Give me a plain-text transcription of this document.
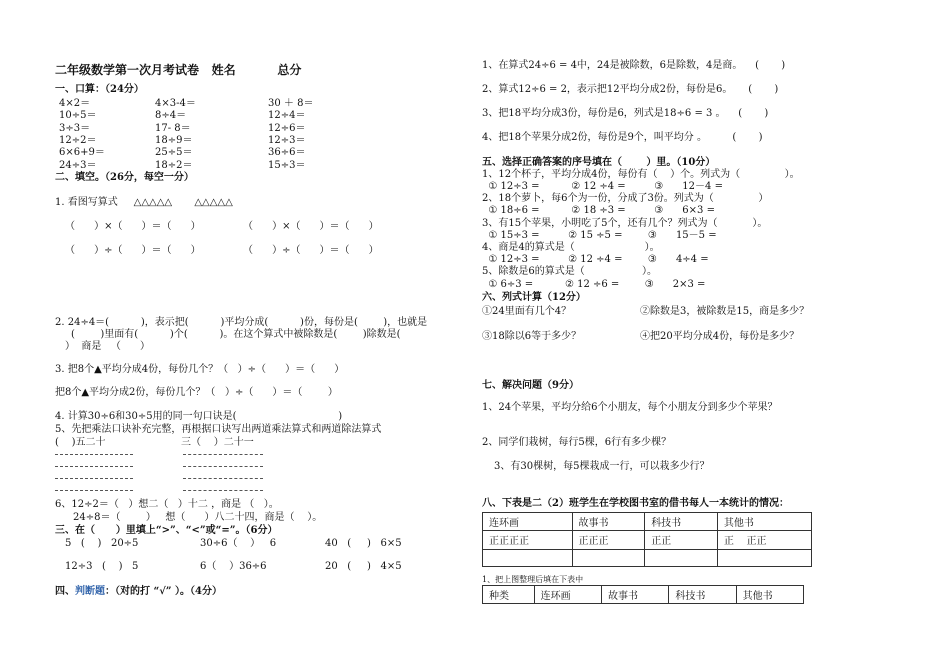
二年级数学第一次月考试卷 姓名	总分
一、口算：（24分）
4×2＝	4×3-4＝	30 ＋ 8＝
10÷5＝	8÷4＝	12÷4＝
3÷3＝	17- 8＝	12÷6＝
12÷2＝	18÷9＝	12÷3＝
6×6+9＝	25÷5＝	36÷6＝
24÷3＝	18÷2＝	15÷3＝
二、填空。（26分，每空一分）
1. 看图写算式 △△△△△ △△△△△
（      ）×（      ）＝（      ）	（      ）×（      ）＝（      ）
（      ）÷（      ）＝（      ）	（      ）÷（      ）＝（      ）
2. 24÷4＝(          )，表示把(          )平均分成(          )份，每份是(        )，也就是
(        )里面有(          )个(          )。在这个算式中被除数是(        )除数是(
）  商是   （      ）
3. 把8个▲平均分成4份，每份几个？（   ）÷（      ）＝（      ）
把8个▲平均分成2份，每份几个？（   ）÷（      ）＝（        ）
4. 计算30÷6和30÷5用的同一句口诀是(                                )
5、先把乘法口诀补充完整，再根据口诀写出两道乘法算式和两道除法算式
(    )五二十	三（    ）二十一
6、12÷2＝（   ）想二（   ）十二 ，商是 （   ）。
24÷8＝（        ）   想（      ）八二十四，商是（    ）。
三、在（      ）里填上“>”、“<”或“=”。（6分）
5   (    )   20÷5	30÷6（    ）   6	40   (     )   6×5
12÷3   (    )   5	6（    ）36÷6	20   (     )   4×5
四、判断题：（对的打 “√” ）。（4分）
1、在算式24÷6 = 4中，24是被除数，6是除数，4是商。    (       )
2、算式12÷6 = 2，表示把12平均分成2份，每份是6。     (       )
3、把18平均分成3份，每份是6，列式是18÷6 = 3 。    (       )
4、把18个苹果分成2份，每份是9个，叫平均分 。        (       )
五、选择正确答案的序号填在（       ）里。（10分）
1、12个杯子，平均分成4份，每份有（    ）个。列式为（              ）。
① 12÷3 =          ② 12 ÷4 =         ③      12－4 =
2、18个萝卜，每6个为一份，分成了3份。列式为（              ）
① 18÷6 =          ② 18 ÷3 =         ③      6×3 =
3、有15个苹果，小明吃了5个，还有几个？列式为（           ）。
① 15÷3 =         ② 15 ÷5 =        ③      15－5 =
4、商是4的算式是（                      ）。
① 12÷3 =         ② 12 ÷4 =        ③      4÷4 =
5、除数是6的算式是（                  ）。
① 6÷3 =          ② 12 ÷6 =        ③      2×3 =
六、列式计算（12分）
①24里面有几个4？	②除数是3，被除数是15，商是多少？
③18除以6等于多少？	④把20平均分成4份，每份是多少？
七、解决问题（9分）
1、24个苹果，平均分给6个小朋友，每个小朋友分到多少个苹果？
2、同学们栽树，每行5棵，6行有多少棵？
3、有30棵树，每5棵栽成一行，可以栽多少行？
八、下表是二（2）班学生在学校图书室的借书每人一本统计的情况：
连环画	故事书	科技书	其他书
正正正正	正正正	正正	正    正正

1、把上图整理后填在下表中
种类	连环画	故事书	科技书	其他书
